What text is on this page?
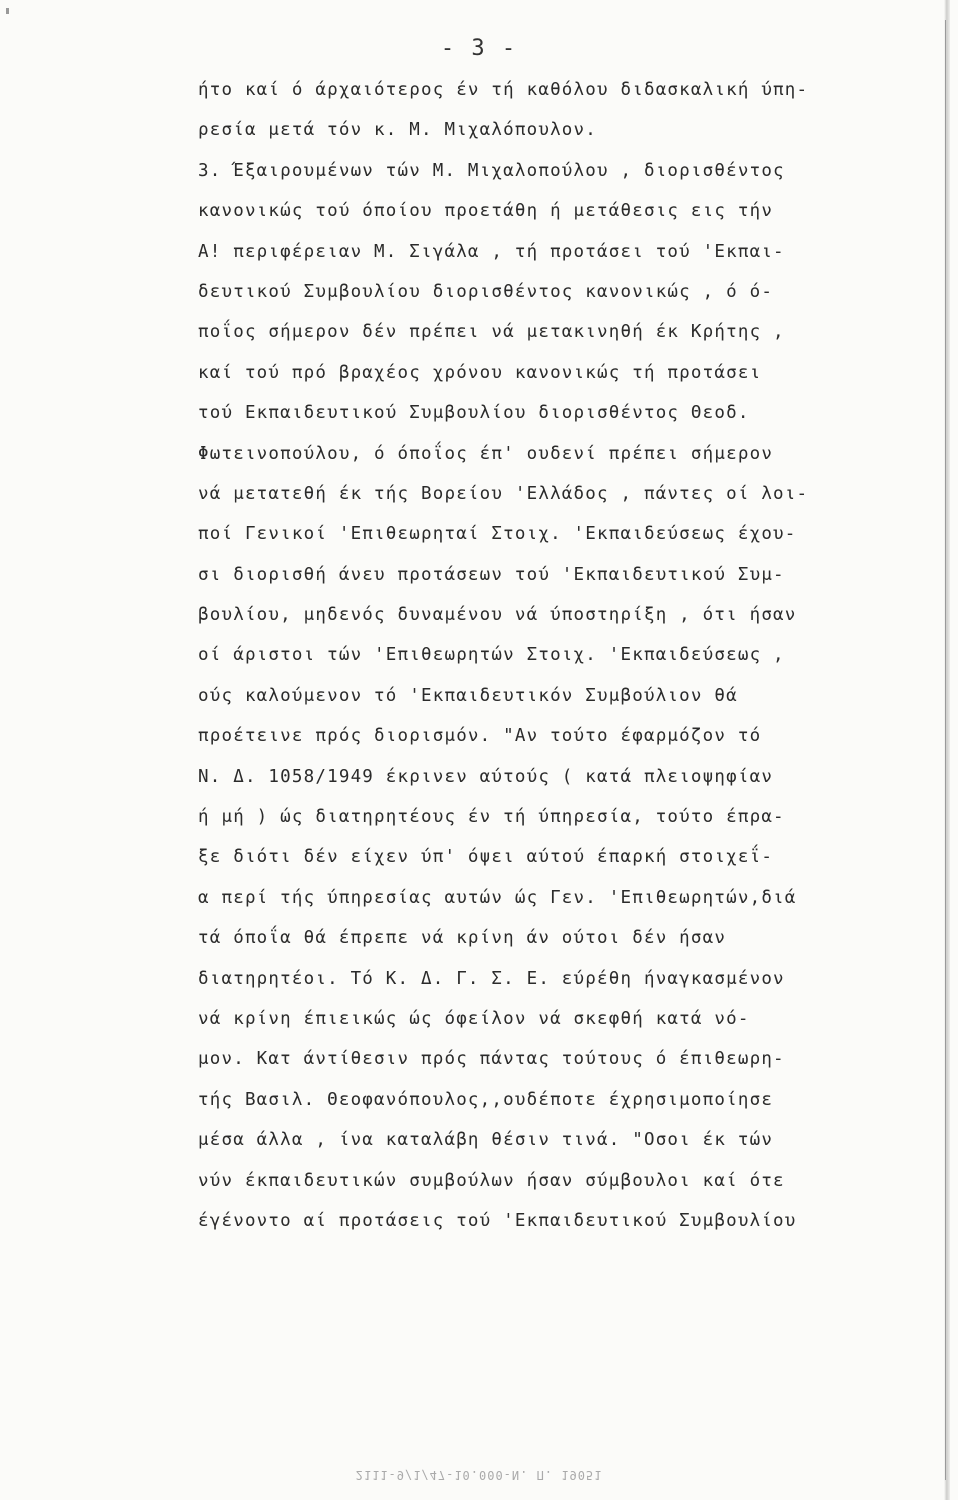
- 3 -
ήτο καί ό άρχαιότερος έν τή καθόλου διδασκαλική ύπη-
ρεσία μετά τόν κ. Μ. Μιχαλόπουλον.
3. Έξαιρουμένων τών Μ. Μιχαλοπούλου , διορισθέντος
κανονικώς τού όποίου προετάθη ή μετάθεσις εις τήν
Α! περιφέρειαν Μ. Σιγάλα , τή προτάσει τού 'Εκπαι-
δευτικού Συμβουλίου διορισθέντος κανονικώς , ό ό-
ποΐος σήμερον δέν πρέπει νά μετακινηθή έκ Κρήτης ,
καί τού πρό βραχέος χρόνου κανονικώς τή προτάσει
τού Εκπαιδευτικού Συμβουλίου διορισθέντος Θεοδ.
Φωτεινοπούλου, ό όποΐος έπ' ουδενί πρέπει σήμερον
νά μετατεθή έκ τής Βορείου 'Ελλάδος , πάντες οί λοι-
ποί Γενικοί 'Επιθεωρηταί Στοιχ. 'Εκπαιδεύσεως έχου-
σι διορισθή άνευ προτάσεων τού 'Εκπαιδευτικού Συμ-
βουλίου, μηδενός δυναμένου νά ύποστηρίξη , ότι ήσαν
οί άριστοι τών 'Επιθεωρητών Στοιχ. 'Εκπαιδεύσεως ,
ούς καλούμενον τό 'Εκπαιδευτικόν Συμβούλιον θά
προέτεινε πρός διορισμόν. "Αν τούτο έφαρμόζον τό
Ν. Δ. 1058/1949 έκρινεν αύτούς ( κατά πλειοψηφίαν
ή μή ) ώς διατηρητέους έν τή ύπηρεσία, τούτο έπρα-
ξε διότι δέν είχεν ύπ' όψει αύτού έπαρκή στοιχεΐ-
α περί τής ύπηρεσίας αυτών ώς Γεν. 'Επιθεωρητών,διά
τά όποΐα θά έπρεπε νά κρίνη άν ούτοι δέν ήσαν
διατηρητέοι. Τό Κ. Δ. Γ. Σ. Ε. εύρέθη ήναγκασμένον
νά κρίνη έπιεικώς ώς όφείλον νά σκεφθή κατά νό-
μον. Κατ άντίθεσιν πρός πάντας τούτους ό έπιθεωρη-
τής Βασιλ. Θεοφανόπουλος,,ουδέποτε έχρησιμοποίησε
μέσα άλλα , ίνα καταλάβη θέσιν τινά. "Οσοι έκ τών
νύν έκπαιδευτικών συμβούλων ήσαν σύμβουλοι καί ότε
έγένοντο αί προτάσεις τού 'Εκπαιδευτικού Συμβουλίου
2111-9/1/47-10.000-Ν. Π. 19051
